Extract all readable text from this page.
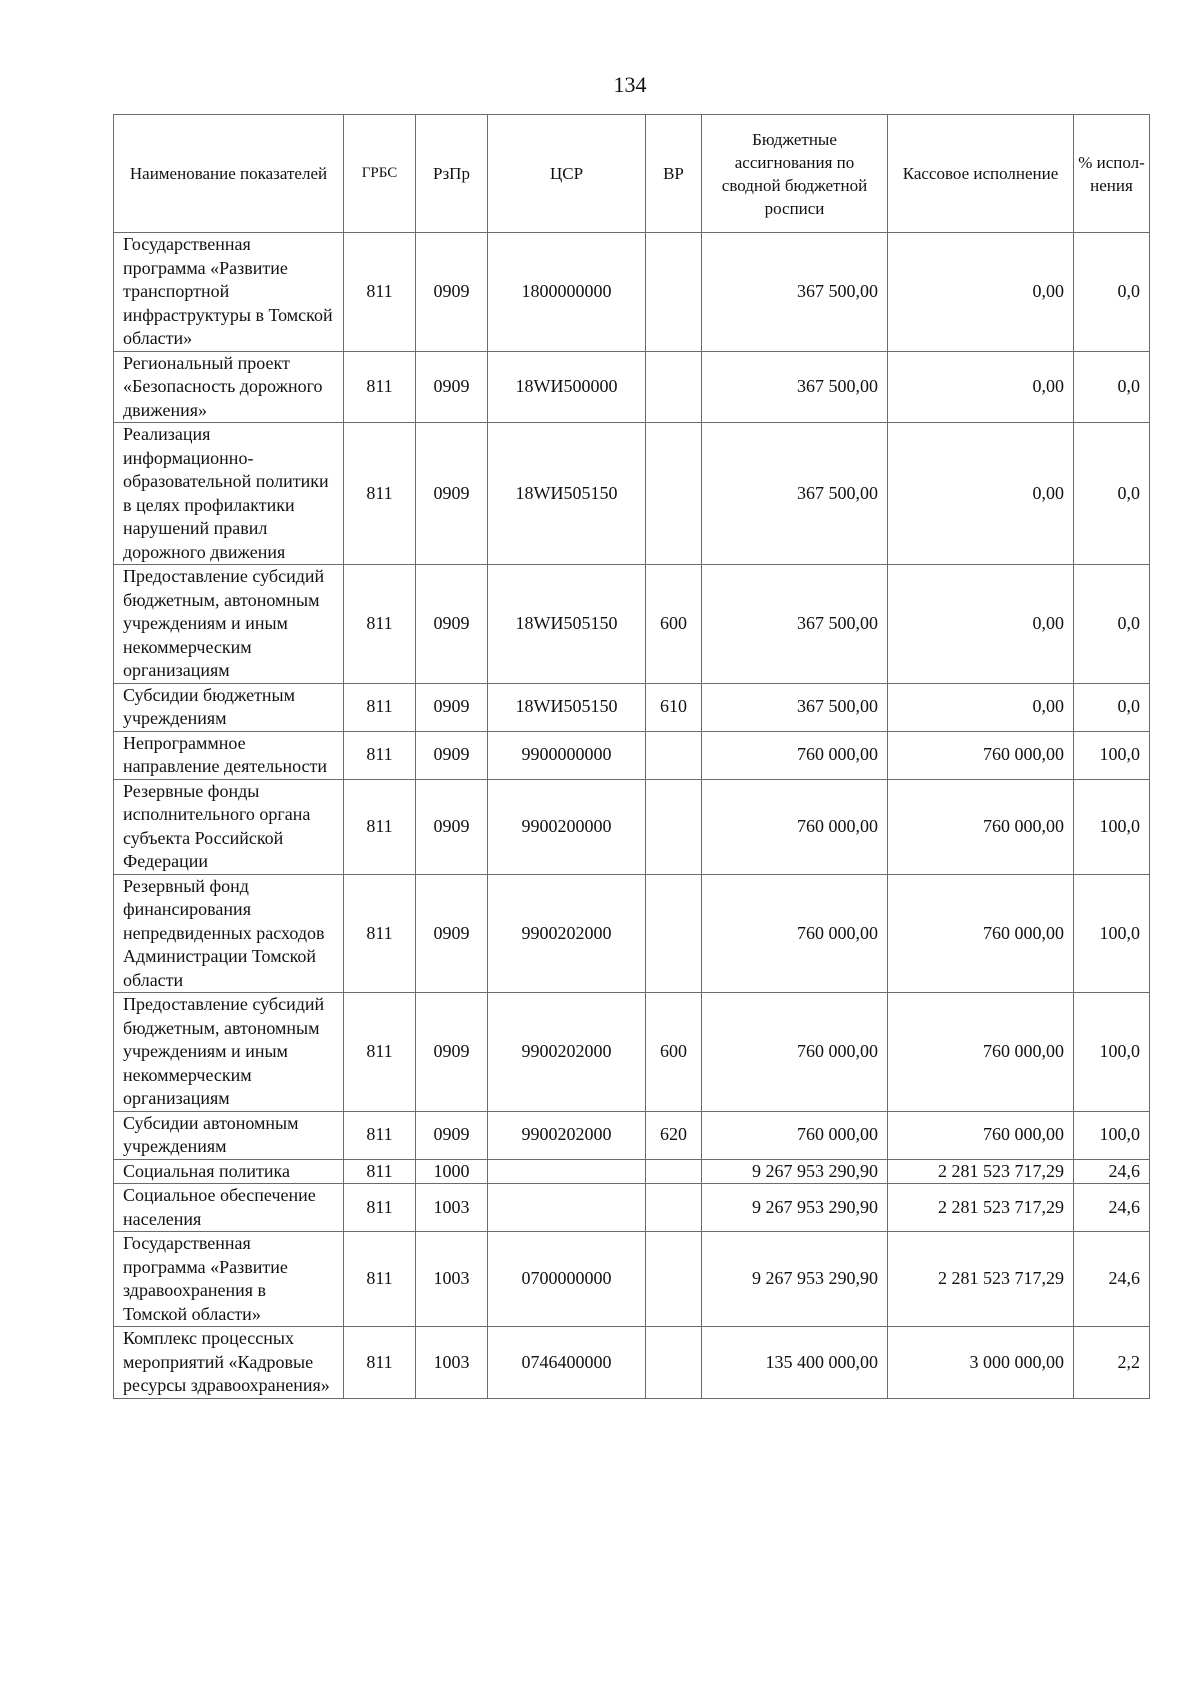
134
Наименование показателей	ГРБС	РзПр	ЦСР	ВР	Бюджетные ассигнования по сводной бюджетной росписи	Кассовое исполнение	% испол-нения
Государственная программа «Развитие транспортной инфраструктуры в Томской области»	811	0909	1800000000		367 500,00	0,00	0,0
Региональный проект «Безопасность дорожного движения»	811	0909	18WИ500000		367 500,00	0,00	0,0
Реализация информационно-образовательной политики в целях профилактики нарушений правил дорожного движения	811	0909	18WИ505150		367 500,00	0,00	0,0
Предоставление субсидий бюджетным, автономным учреждениям и иным некоммерческим организациям	811	0909	18WИ505150	600	367 500,00	0,00	0,0
Субсидии бюджетным учреждениям	811	0909	18WИ505150	610	367 500,00	0,00	0,0
Непрограммное направление деятельности	811	0909	9900000000		760 000,00	760 000,00	100,0
Резервные фонды исполнительного органа субъекта Российской Федерации	811	0909	9900200000		760 000,00	760 000,00	100,0
Резервный фонд финансирования непредвиденных расходов Администрации Томской области	811	0909	9900202000		760 000,00	760 000,00	100,0
Предоставление субсидий бюджетным, автономным учреждениям и иным некоммерческим организациям	811	0909	9900202000	600	760 000,00	760 000,00	100,0
Субсидии автономным учреждениям	811	0909	9900202000	620	760 000,00	760 000,00	100,0
Социальная политика	811	1000			9 267 953 290,90	2 281 523 717,29	24,6
Социальное обеспечение населения	811	1003			9 267 953 290,90	2 281 523 717,29	24,6
Государственная программа «Развитие здравоохранения в Томской области»	811	1003	0700000000		9 267 953 290,90	2 281 523 717,29	24,6
Комплекс процессных мероприятий «Кадровые ресурсы здравоохранения»	811	1003	0746400000		135 400 000,00	3 000 000,00	2,2
